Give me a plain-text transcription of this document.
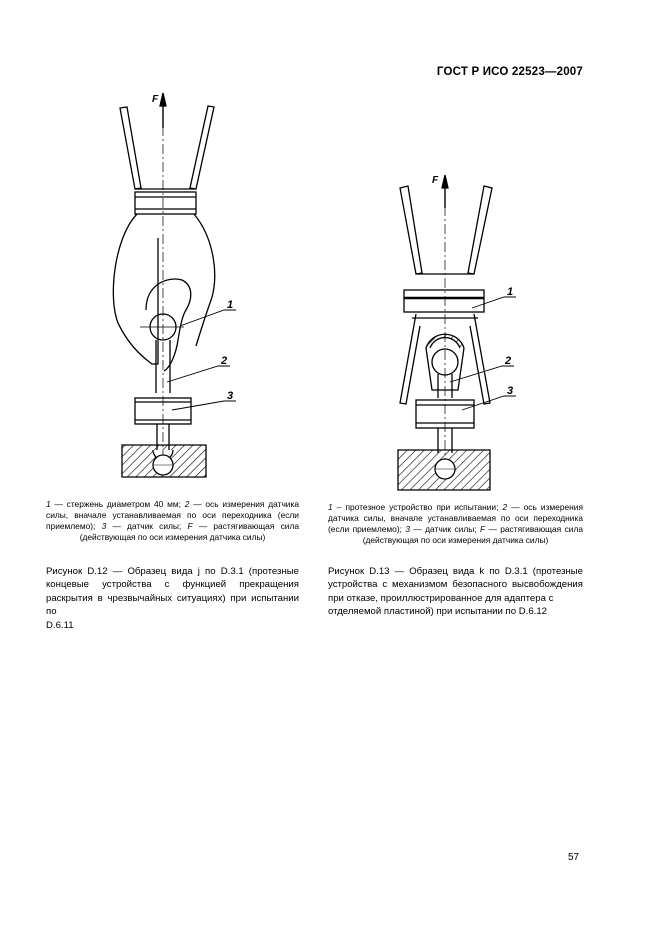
ГОСТ Р ИСО 22523—2007
F
1
2
3
F
1
2
3
1 — стержень диаметром 40 мм; 2 — ось измерения датчика силы, вначале устанавливаемая по оси переходника (если приемлемо); 3 — датчик силы; F — растягивающая сила (действующая по оси измерения датчика силы)
1 – протезное устройство при испытании; 2 — ось измерения датчика силы, вначале устанавливаемая по оси переходника (если приемлемо); 3 — датчик силы; F — растягивающая сила (действующая по оси измерения датчика силы)
Рисунок D.12 — Образец вида j по D.3.1 (протезные концевые устройства с функцией прекращения раскрытия в чрезвычайных ситуациях) при испытании по
D.6.11
Рисунок D.13 — Образец вида k по D.3.1 (протезные устройства с механизмом безопасного высвобождения при отказе, проиллюстрированное для адаптера с
отделяемой пластиной) при испытании по D.6.12
57
